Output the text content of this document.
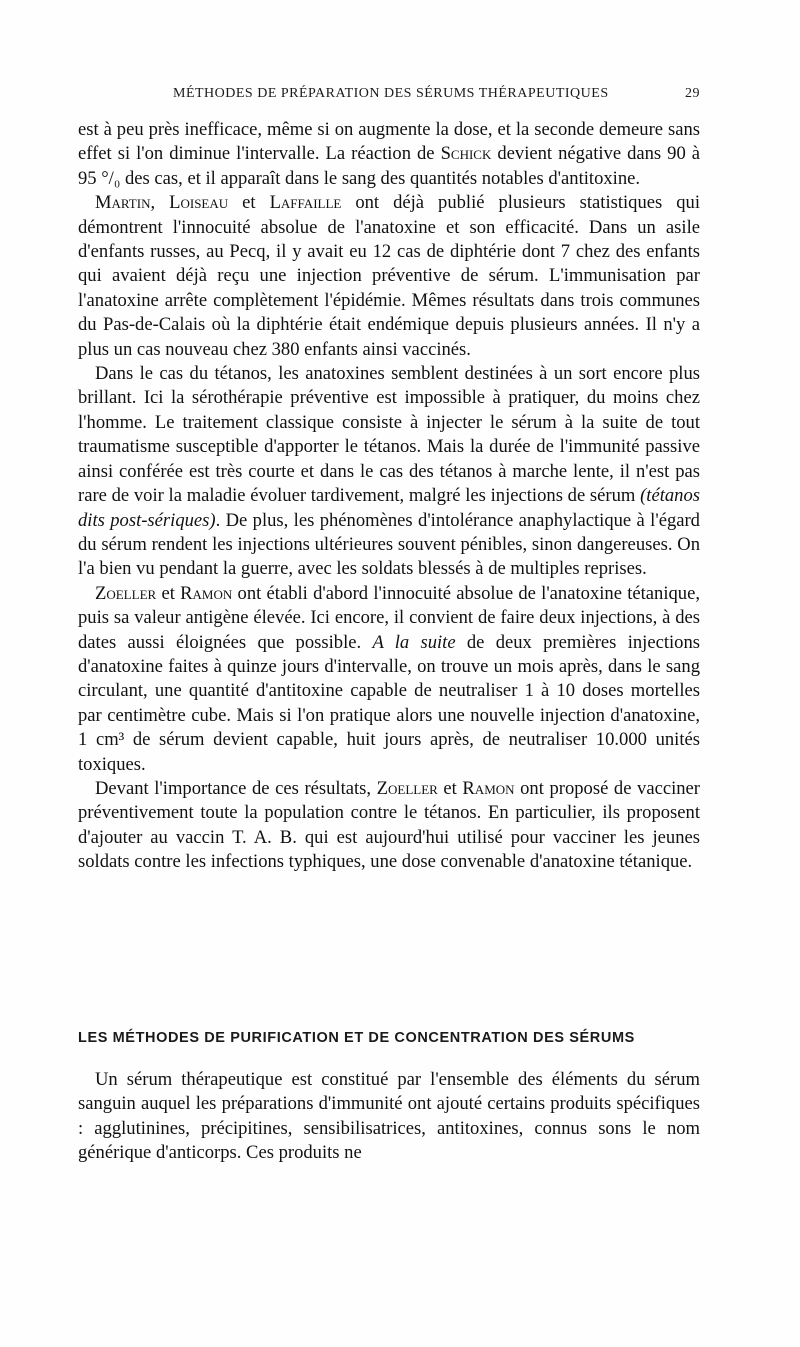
MÉTHODES DE PRÉPARATION DES SÉRUMS THÉRAPEUTIQUES	29

est à peu près inefficace, même si on augmente la dose, et la seconde demeure sans effet si l'on diminue l'intervalle. La réaction de Schick devient négative dans 90 à 95 °/₀ des cas, et il apparaît dans le sang des quantités notables d'antitoxine.

Martin, Loiseau et Laffaille ont déjà publié plusieurs statistiques qui démontrent l'innocuité absolue de l'anatoxine et son efficacité. Dans un asile d'enfants russes, au Pecq, il y avait eu 12 cas de diphtérie dont 7 chez des enfants qui avaient déjà reçu une injection préventive de sérum. L'immunisation par l'anatoxine arrête complètement l'épidémie. Mêmes résultats dans trois communes du Pas-de-Calais où la diphtérie était endémique depuis plusieurs années. Il n'y a plus un cas nouveau chez 380 enfants ainsi vaccinés.

Dans le cas du tétanos, les anatoxines semblent destinées à un sort encore plus brillant. Ici la sérothérapie préventive est impossible à pratiquer, du moins chez l'homme. Le traitement classique consiste à injecter le sérum à la suite de tout traumatisme susceptible d'apporter le tétanos. Mais la durée de l'immunité passive ainsi conférée est très courte et dans le cas des tétanos à marche lente, il n'est pas rare de voir la maladie évoluer tardivement, malgré les injections de sérum (tétanos dits post-sériques). De plus, les phénomènes d'intolérance anaphylactique à l'égard du sérum rendent les injections ultérieures souvent pénibles, sinon dangereuses. On l'a bien vu pendant la guerre, avec les soldats blessés à de multiples reprises.

Zoeller et Ramon ont établi d'abord l'innocuité absolue de l'anatoxine tétanique, puis sa valeur antigène élevée. Ici encore, il convient de faire deux injections, à des dates aussi éloignées que possible. A la suite de deux premières injections d'anatoxine faites à quinze jours d'intervalle, on trouve un mois après, dans le sang circulant, une quantité d'antitoxine capable de neutraliser 1 à 10 doses mortelles par centimètre cube. Mais si l'on pratique alors une nouvelle injection d'anatoxine, 1 cm³ de sérum devient capable, huit jours après, de neutraliser 10.000 unités toxiques.

Devant l'importance de ces résultats, Zoeller et Ramon ont proposé de vacciner préventivement toute la population contre le tétanos. En particulier, ils proposent d'ajouter au vaccin T. A. B. qui est aujourd'hui utilisé pour vacciner les jeunes soldats contre les infections typhiques, une dose convenable d'anatoxine tétanique.

LES MÉTHODES DE PURIFICATION ET DE CONCENTRATION DES SÉRUMS
Un sérum thérapeutique est constitué par l'ensemble des éléments du sérum sanguin auquel les préparations d'immunité ont ajouté certains produits spécifiques : agglutinines, précipitines, sensibilisatrices, antitoxines, connus sons le nom générique d'anticorps. Ces produits ne
